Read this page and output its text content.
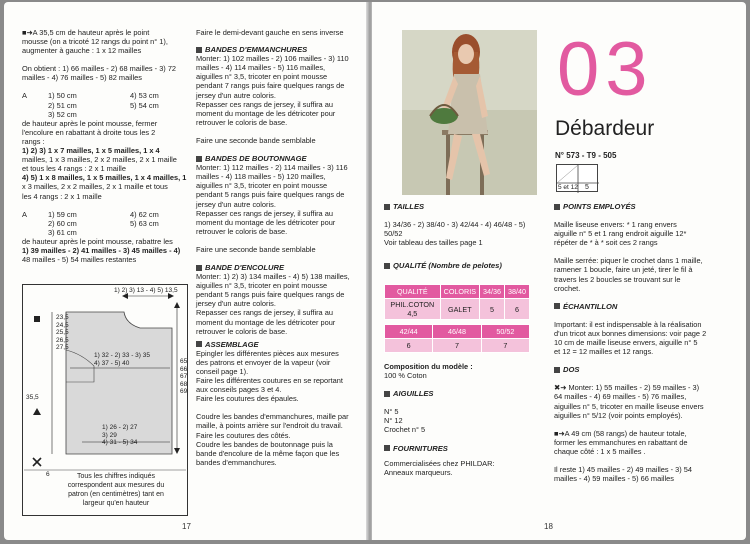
■➜A 35,5 cm de hauteur après le point

mousse (on a tricoté 12 rangs du point n° 1),

augmenter à gauche : 1 x 12 mailles

On obtient : 1) 66 mailles - 2) 68 mailles - 3) 72

mailles - 4) 76 mailles - 5) 82 mailles

A	1) 50 cm	4) 53 cm
2) 51 cm	5) 54 cm
3) 52 cm

de hauteur après le point mousse, fermer

l'encolure en rabattant à droite tous les 2

rangs :

1) 2) 3) 1 x 7 mailles, 1 x 5 mailles, 1 x 4

mailles, 1 x 3 mailles, 2 x 2 mailles, 2 x 1 maille

et tous les 4 rangs : 2 x 1 maille

4) 5) 1 x 8 mailles, 1 x 5 mailles, 1 x 4 mailles, 1

x 3 mailles, 2 x 2 mailles, 2 x 1 maille et tous

les 4 rangs : 2 x 1 maille

A	1) 59 cm	4) 62 cm
2) 60 cm	5) 63 cm
3) 61 cm

de hauteur après le point mousse, rabattre les

1) 39 mailles - 2) 41 mailles - 3) 45 mailles - 4)

48 mailles - 5) 54 mailles restantes

Faire le demi-devant gauche en sens inverse

BANDES D'EMMANCHURES

Monter: 1) 102 mailles - 2) 106 mailles - 3) 110

mailles - 4) 114 mailles - 5) 116 mailles,

aiguilles n° 3,5, tricoter en point mousse

pendant 7 rangs puis faire quelques rangs de

jersey d'un autre coloris.

Repasser ces rangs de jersey, il suffira au

moment du montage de les détricoter pour

retrouver le coloris de base.

Faire une seconde bande semblable

BANDES DE BOUTONNAGE

Monter: 1) 112 mailles - 2) 114 mailles - 3) 116

mailles - 4) 118 mailles - 5) 120 mailles,

aiguilles n° 3,5, tricoter en point mousse

pendant 5 rangs puis faire quelques rangs de

jersey d'un autre coloris.

Repasser ces rangs de jersey, il suffira au

moment du montage de les détricoter pour

retrouver le coloris de base.

Faire une seconde bande semblable

BANDE D'ENCOLURE

Monter: 1) 2) 3) 134 mailles - 4) 5) 138 mailles,

aiguilles n° 3,5, tricoter en point mousse

pendant 5 rangs puis faire quelques rangs de

jersey d'un autre coloris.

Repasser ces rangs de jersey, il suffira au

moment du montage de les détricoter pour

retrouver le coloris de base.

ASSEMBLAGE

Epingler les différentes pièces aux mesures

des patrons et envoyer de la vapeur (voir

conseil page 1).

Faire les différentes coutures en se reportant

aux conseils pages 3 et 4.

Faire les coutures des épaules.

Coudre les bandes d'emmanchures, maille par

maille, à points arrière sur l'endroit du travail.

Faire les coutures des côtés.

Coudre les bandes de boutonnage puis la

bande d'encolure de la même façon que les

bandes d'emmanchures.

1) 2) 3) 13 - 4) 5) 13,5
23,5
24,5
25,5
26,5
27,5
1) 32 - 2) 33 - 3) 35
4) 37 - 5) 40	65
66
67
68
69
35,5
1) 26 - 2) 27
3) 29
4) 31 - 5) 34
6	Tous les chiffres indiqués
correspondent aux mesures du
patron (en centimètres) tant en
largeur qu'en hauteur
17
03
Débardeur
N° 573 - T9 - 505
5 et 12 5
TAILLES

1) 34/36 - 2) 38/40 - 3) 42/44 - 4) 46/48 - 5)

50/52

Voir tableau des tailles page 1

QUALITÉ (Nombre de pelotes)
QUALITÉ	COLORIS	34/36	38/40
PHIL.COTON 4,5	GALET	5	6
42/44	46/48	50/52
6	7	7

Composition du modèle :

100 % Coton

AIGUILLES

N° 5

N° 12

Crochet n° 5

FOURNITURES

Commercialisées chez PHILDAR:

Anneaux marqueurs.

POINTS EMPLOYÉS

Maille liseuse envers: * 1 rang envers

aiguille n° 5 et 1 rang endroit aiguille 12*

répéter de * à * soit ces 2 rangs

Maille serrée: piquer le crochet dans 1 maille,

ramener 1 boucle, faire un jeté, tirer le fil à

travers les 2 boucles se trouvant sur le

crochet.

ÉCHANTILLON

Important: il est indispensable à la réalisation

d'un tricot aux bonnes dimensions: voir page 2

10 cm de maille liseuse envers, aiguille n° 5

et 12 = 12 mailles et 12 rangs.

DOS

✖➜ Monter: 1) 55 mailles - 2) 59 mailles - 3)

64 mailles - 4) 69 mailles - 5) 76 mailles,

aiguilles n° 5, tricoter en maille liseuse envers

aiguilles n° 5/12 (voir points employés).

■➜A 49 cm (58 rangs) de hauteur totale,

former les emmanchures en rabattant de

chaque côté : 1 x 5 mailles .

Il reste 1) 45 mailles - 2) 49 mailles - 3) 54

mailles - 4) 59 mailles - 5) 66 mailles

18
